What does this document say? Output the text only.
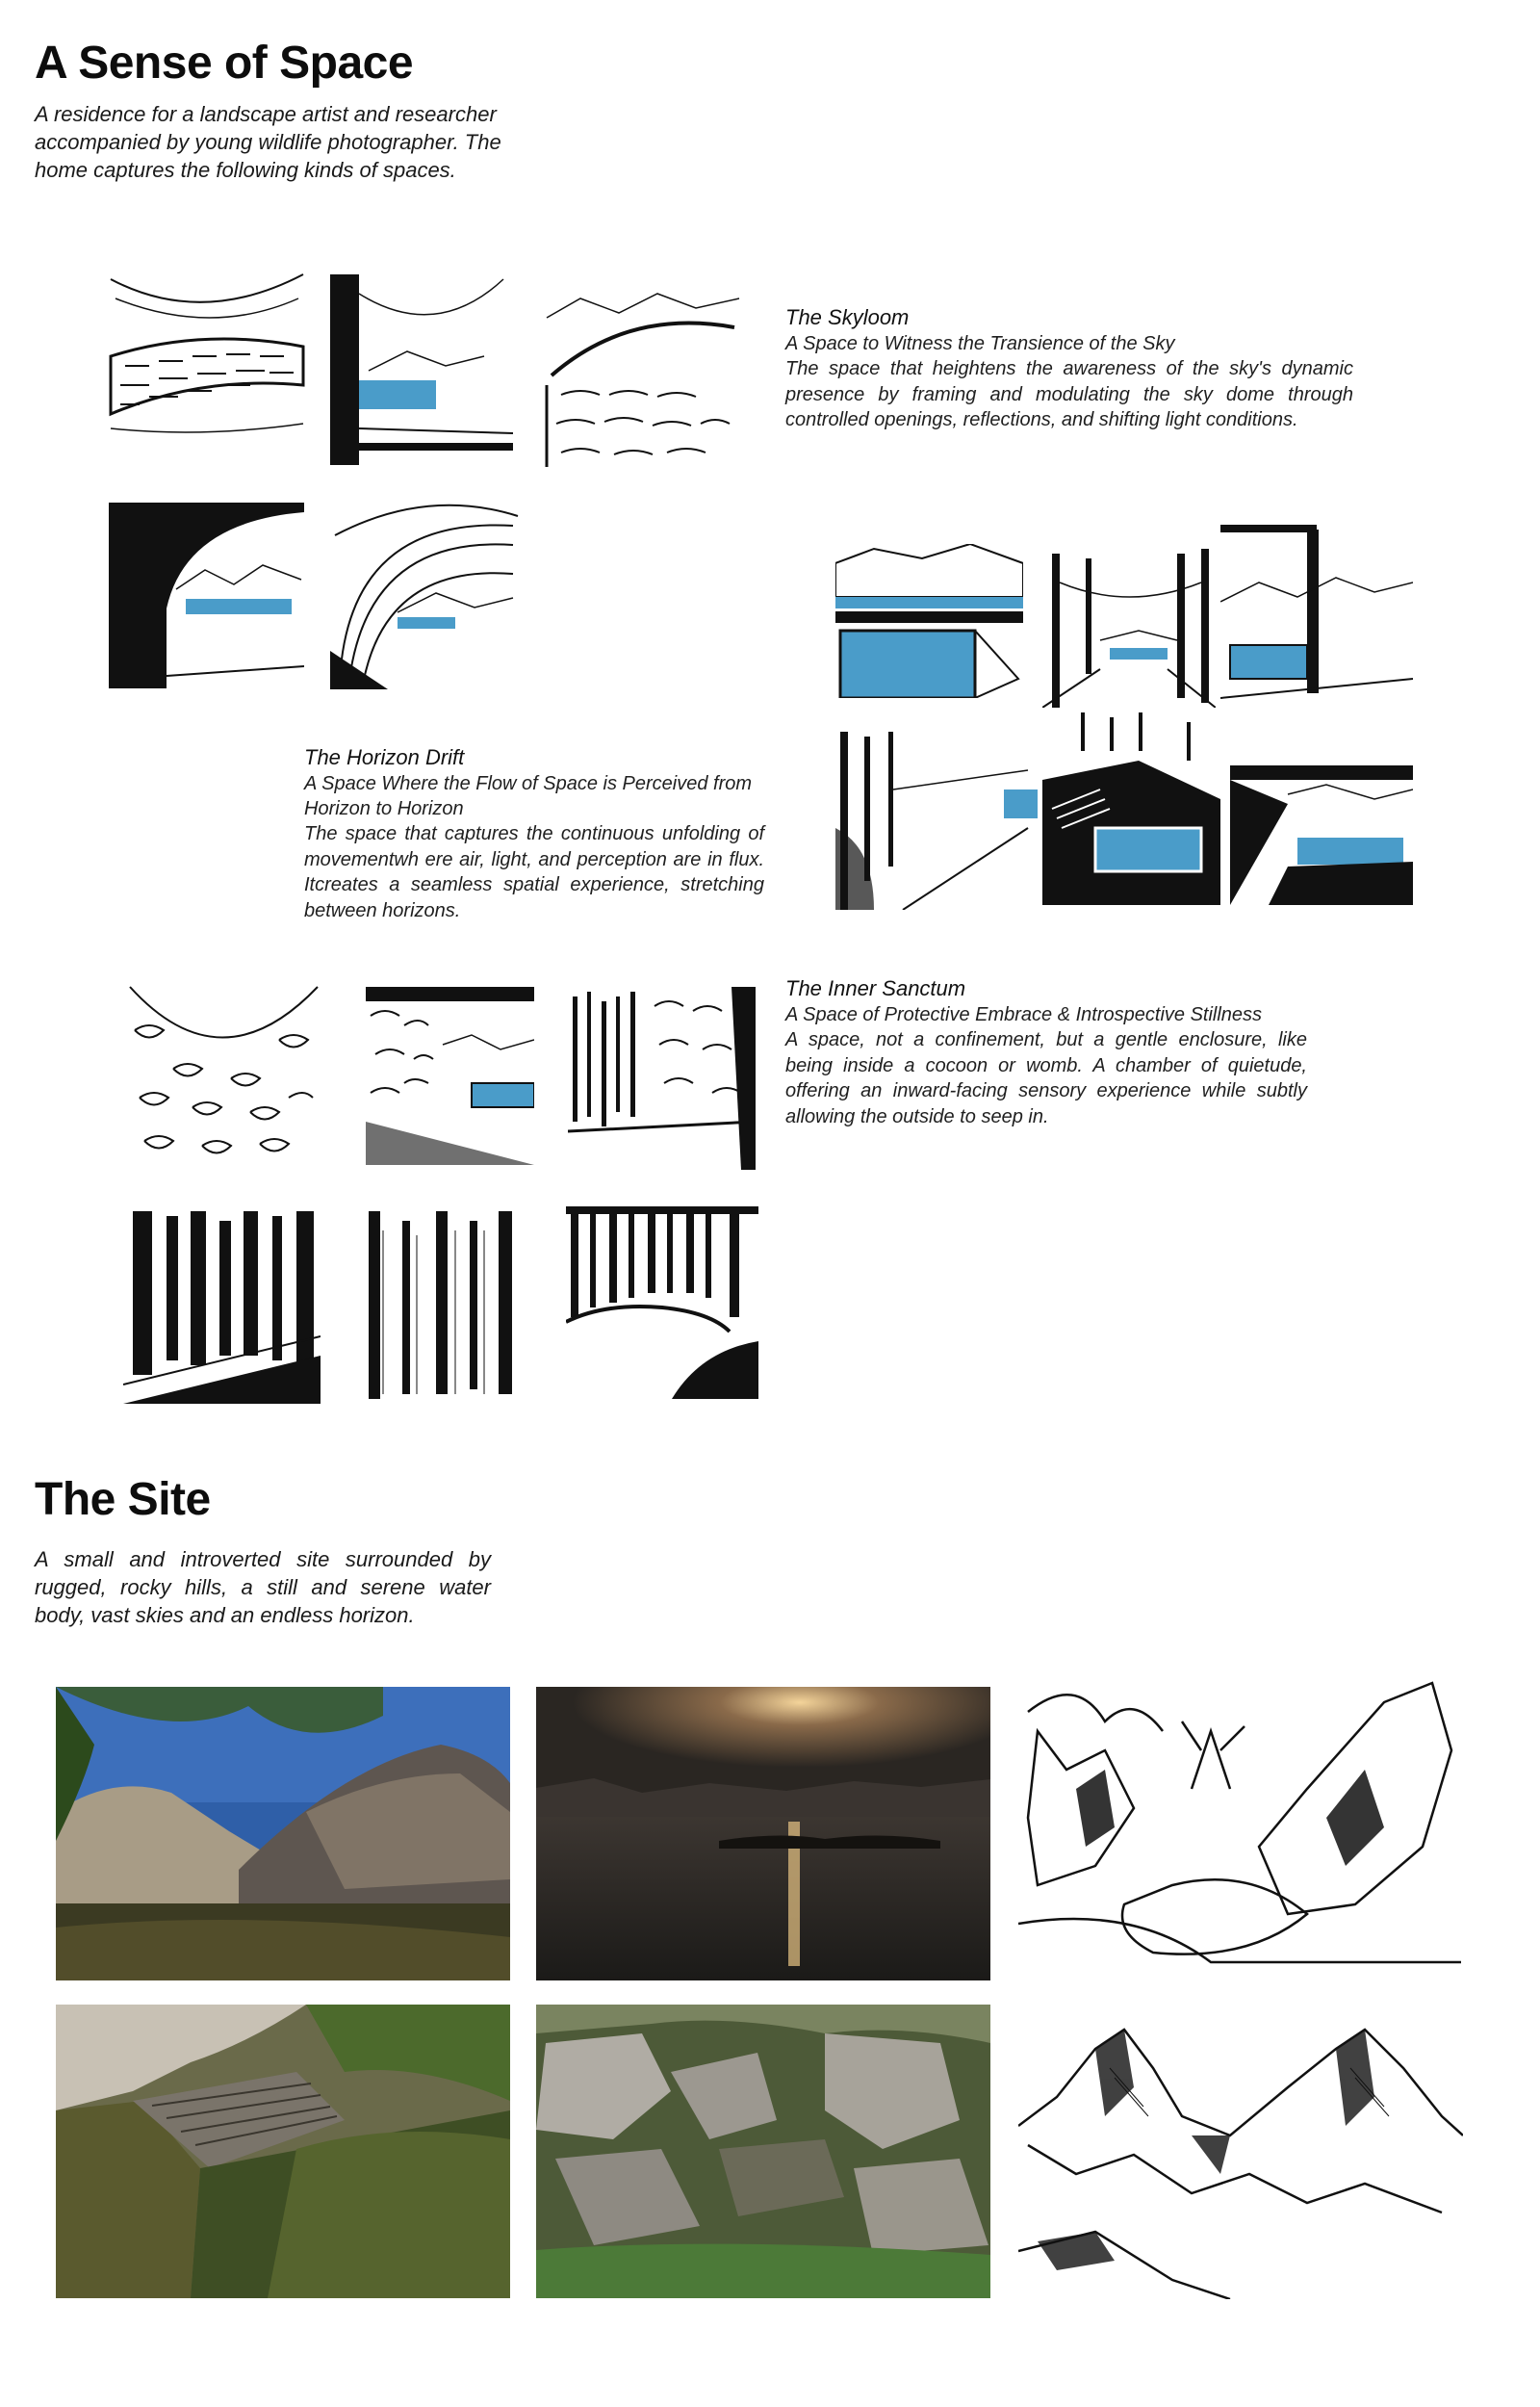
A Sense of Space
A residence for a landscape artist and researcher accompanied by young wildlife photographer. The home captures the following kinds of spaces.
The Skyloom
A Space to Witness the Transience of the Sky
The space that heightens the awareness of the sky's dynamic presence by framing and modulating the sky dome through controlled openings, reflections, and shifting light conditions.
The Horizon Drift
A Space Where the Flow of Space is Perceived from Horizon to Horizon
The space that captures the continuous unfolding of movementwh ere air, light, and perception are in flux. Itcreates a seamless spatial experience, stretching between horizons.
The Inner Sanctum
A Space of Protective Embrace & Introspective Stillness
A space, not a confinement, but a gentle enclosure, like being inside a cocoon or womb. A chamber of quietude, offering an inward-facing sensory experience while subtly allowing the outside to seep in.
The Site
A small and introverted site surrounded by rugged, rocky hills, a still and serene water body, vast skies and an endless horizon.
